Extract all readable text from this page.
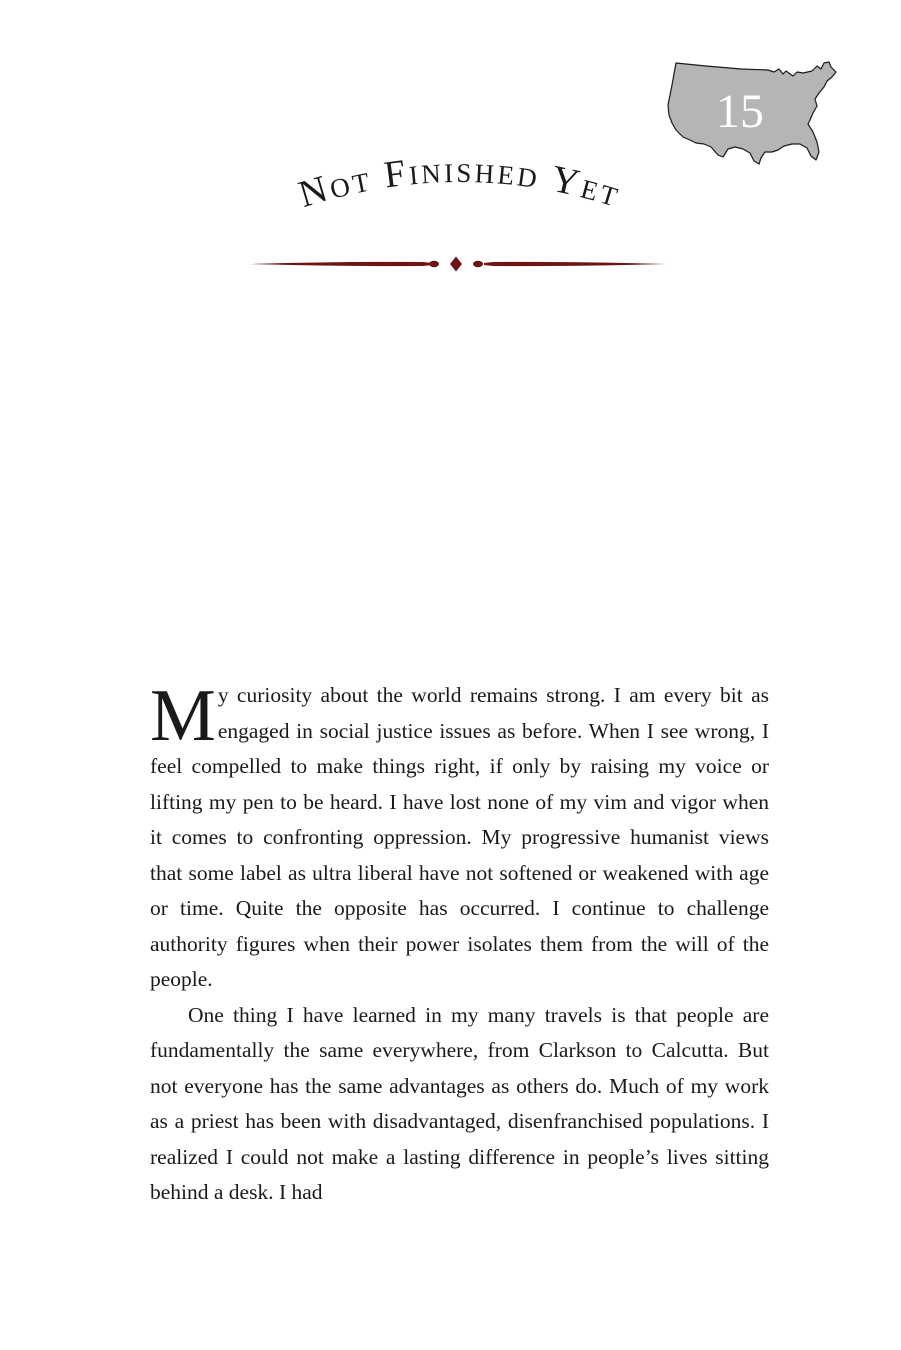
15
Not Finished Yet

My curiosity about the world remains strong. I am every bit as engaged in social justice issues as before. When I see wrong, I feel compelled to make things right, if only by raising my voice or lifting my pen to be heard. I have lost none of my vim and vigor when it comes to confronting oppression. My progressive humanist views that some label as ultra liberal have not softened or weakened with age or time. Quite the opposite has occurred. I continue to challenge authority figures when their power isolates them from the will of the people.

One thing I have learned in my many travels is that people are fundamentally the same everywhere, from Clarkson to Calcutta. But not everyone has the same advantages as others do. Much of my work as a priest has been with disadvantaged, disenfranchised populations. I realized I could not make a lasting difference in people’s lives sitting behind a desk. I had
